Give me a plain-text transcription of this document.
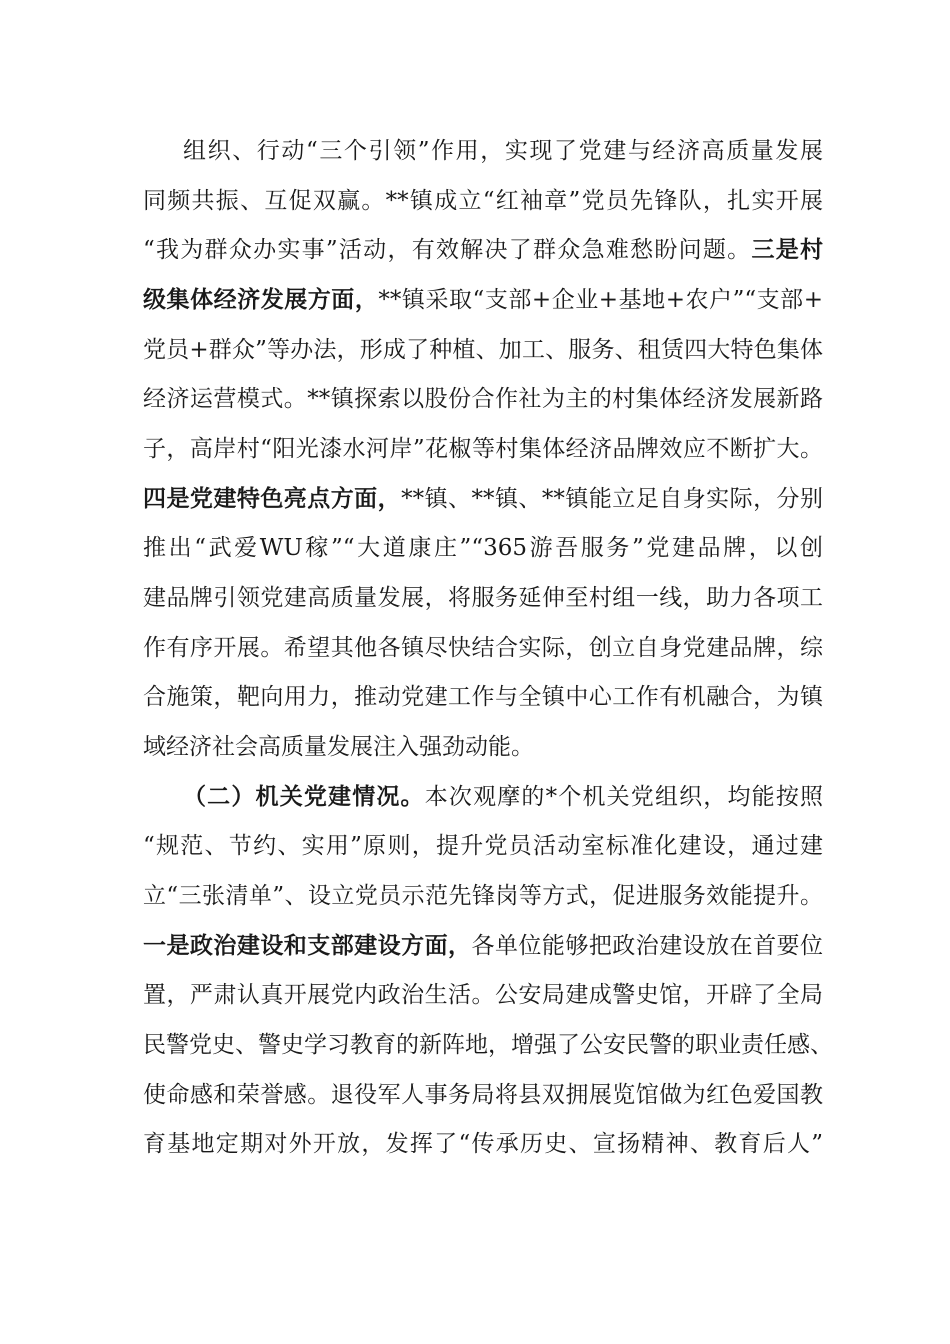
组织、行动“三个引领”作用，实现了党建与经济高质量发展
同频共振、互促双赢。**镇成立“红袖章”党员先锋队，扎实开展
“我为群众办实事”活动，有效解决了群众急难愁盼问题。三是村
级集体经济发展方面，**镇采取“支部+企业+基地+农户”“支部+
党员+群众”等办法，形成了种植、加工、服务、租赁四大特色集体
经济运营模式。**镇探索以股份合作社为主的村集体经济发展新路
子，高岸村“阳光漆水河岸”花椒等村集体经济品牌效应不断扩大。
四是党建特色亮点方面，**镇、**镇、**镇能立足自身实际，分别
推出“武爱WU稼”“大道康庄”“365游吾服务”党建品牌，以创
建品牌引领党建高质量发展，将服务延伸至村组一线，助力各项工
作有序开展。希望其他各镇尽快结合实际，创立自身党建品牌，综
合施策，靶向用力，推动党建工作与全镇中心工作有机融合，为镇
域经济社会高质量发展注入强劲动能。
（二）机关党建情况。本次观摩的*个机关党组织，均能按照
“规范、节约、实用”原则，提升党员活动室标准化建设，通过建
立“三张清单”、设立党员示范先锋岗等方式，促进服务效能提升。
一是政治建设和支部建设方面，各单位能够把政治建设放在首要位
置，严肃认真开展党内政治生活。公安局建成警史馆，开辟了全局
民警党史、警史学习教育的新阵地，增强了公安民警的职业责任感、
使命感和荣誉感。退役军人事务局将县双拥展览馆做为红色爱国教
育基地定期对外开放，发挥了“传承历史、宣扬精神、教育后人”
